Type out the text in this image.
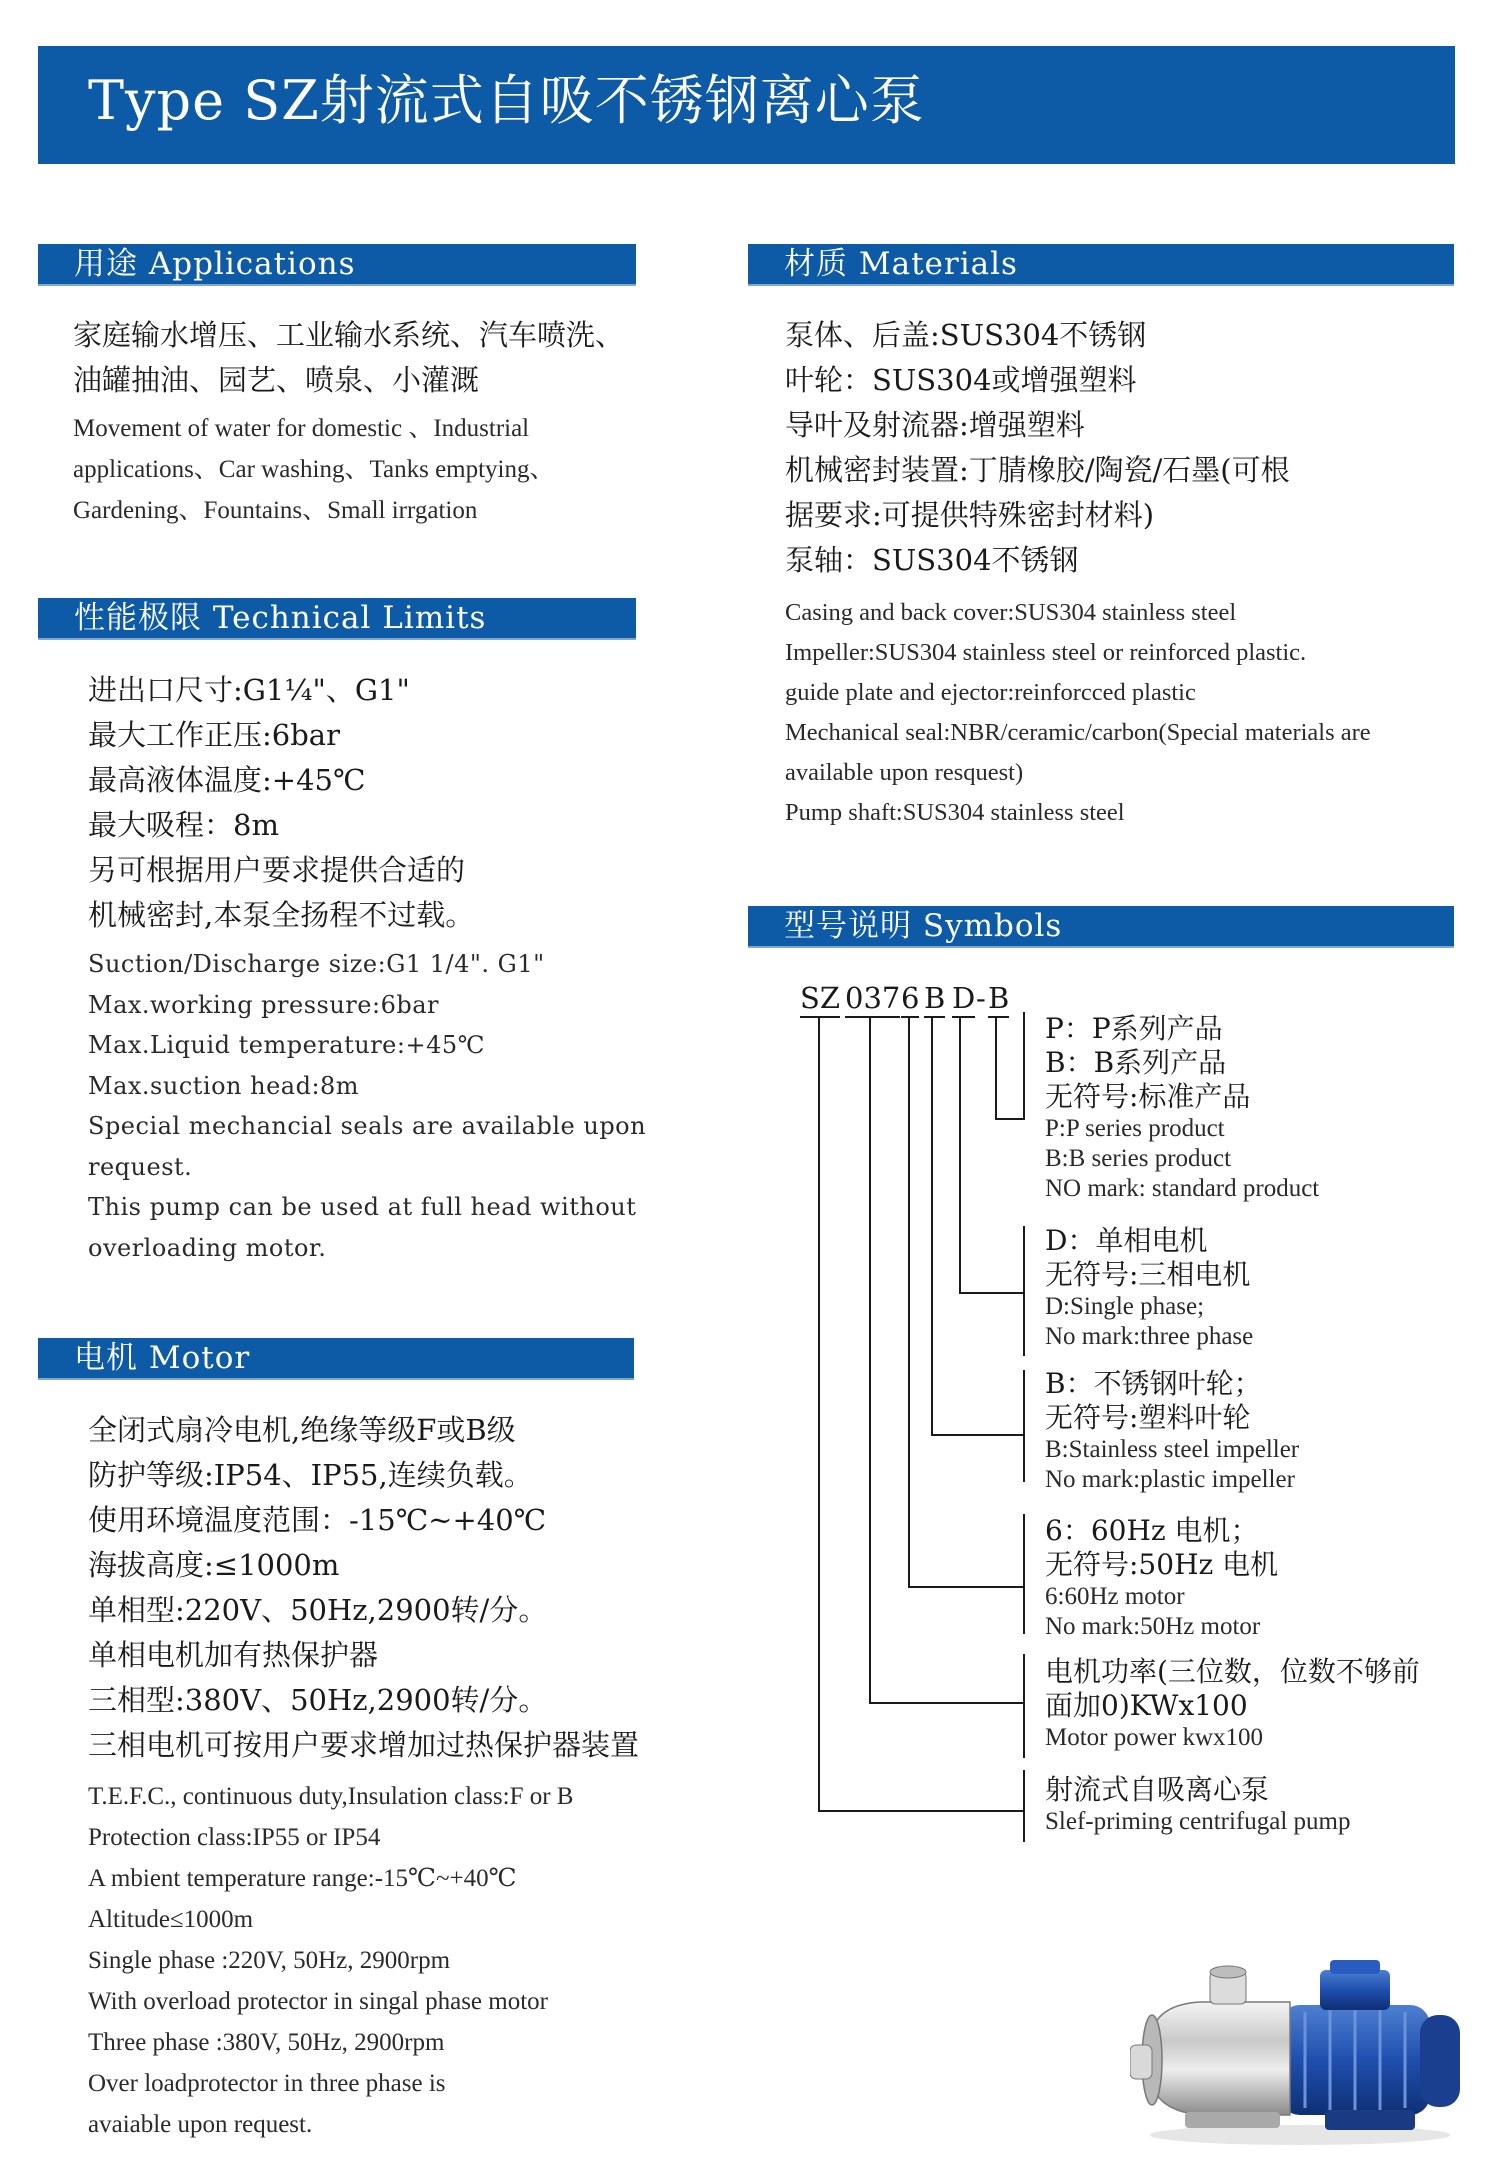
Type SZ射流式自吸不锈钢离心泵
用途 Applications
家庭输水增压、工业输水系统、汽车喷洗、
油罐抽油、园艺、喷泉、小灌溉
Movement of water for domestic 、Industrial
applications、Car washing、Tanks emptying、
Gardening、Fountains、Small irrgation
性能极限 Technical Limits
进出口尺寸:G1¼"、G1"
最大工作正压:6bar
最高液体温度:+45℃
最大吸程：8m
另可根据用户要求提供合适的
机械密封,本泵全扬程不过载。
Suction/Discharge size:G1 1/4". G1"
Max.working pressure:6bar
Max.Liquid temperature:+45℃
Max.suction head:8m
Special mechancial seals are available upon
request.
This pump can be used at full head without
overloading motor.
电机 Motor
全闭式扇冷电机,绝缘等级F或B级
防护等级:IP54、IP55,连续负载。
使用环境温度范围：-15℃~+40℃
海拔高度:≤1000m
单相型:220V、50Hz,2900转/分。
单相电机加有热保护器
三相型:380V、50Hz,2900转/分。
三相电机可按用户要求增加过热保护器装置
T.E.F.C., continuous duty,Insulation class:F or B
Protection class:IP55 or IP54
A mbient temperature range:-15℃~+40℃
Altitude≤1000m
Single phase :220V, 50Hz, 2900rpm
With overload protector in singal phase motor
Three phase :380V, 50Hz, 2900rpm
Over loadprotector in three phase is
avaiable upon request.
材质 Materials
泵体、后盖:SUS304不锈钢
叶轮：SUS304或增强塑料
导叶及射流器:增强塑料
机械密封装置:丁腈橡胶/陶瓷/石墨(可根
据要求:可提供特殊密封材料)
泵轴：SUS304不锈钢
Casing and back cover:SUS304 stainless steel
Impeller:SUS304 stainless steel or reinforced plastic.
guide plate and ejector:reinforcced plastic
Mechanical seal:NBR/ceramic/carbon(Special materials are
available upon resquest)
Pump shaft:SUS304 stainless steel
型号说明 Symbols
SZ 037 6 B D - B
P：P系列产品
B：B系列产品
无符号:标准产品
P:P series product
B:B series product
NO mark: standard product
D：单相电机
无符号:三相电机
D:Single phase;
No mark:three phase
B：不锈钢叶轮；
无符号:塑料叶轮
B:Stainless steel impeller
No mark:plastic impeller
6：60Hz 电机；
无符号:50Hz 电机
6:60Hz motor
No mark:50Hz motor
电机功率(三位数，位数不够前
面加0)KWx100
Motor power kwx100
射流式自吸离心泵
Slef-priming centrifugal pump
